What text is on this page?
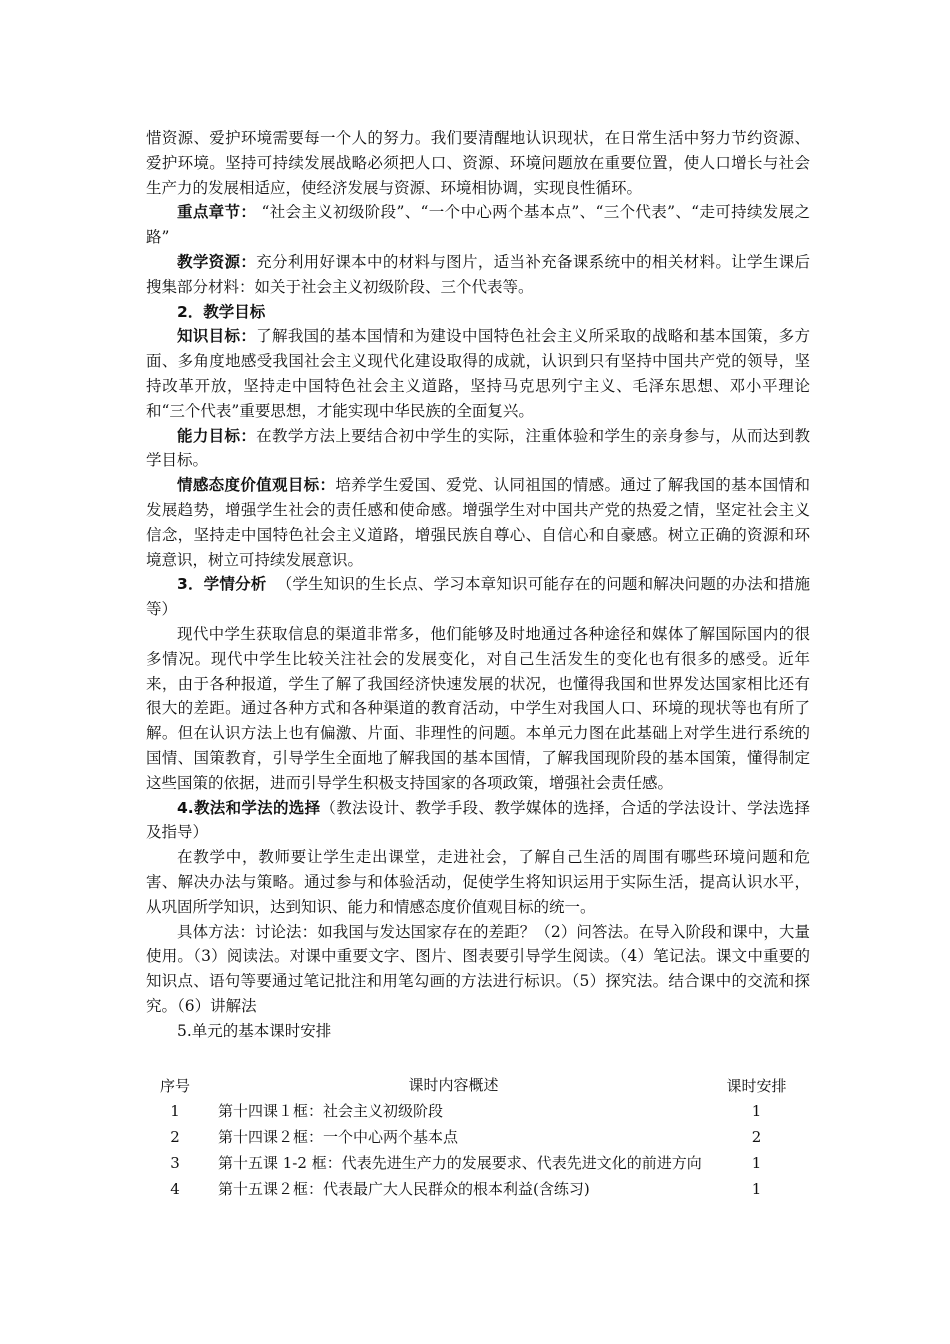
惜资源、爱护环境需要每一个人的努力。我们要清醒地认识现状，在日常生活中努力节约资源、爱护环境。坚持可持续发展战略必须把人口、资源、环境问题放在重要位置，使人口增长与社会生产力的发展相适应，使经济发展与资源、环境相协调，实现良性循环。

重点章节： “社会主义初级阶段”、“一个中心两个基本点”、“三个代表”、“走可持续发展之路”

教学资源：充分利用好课本中的材料与图片，适当补充备课系统中的相关材料。让学生课后搜集部分材料：如关于社会主义初级阶段、三个代表等。

2．教学目标

知识目标：了解我国的基本国情和为建设中国特色社会主义所采取的战略和基本国策，多方面、多角度地感受我国社会主义现代化建设取得的成就，认识到只有坚持中国共产党的领导，坚持改革开放，坚持走中国特色社会主义道路，坚持马克思列宁主义、毛泽东思想、邓小平理论和“三个代表”重要思想，才能实现中华民族的全面复兴。

能力目标：在教学方法上要结合初中学生的实际，注重体验和学生的亲身参与，从而达到教学目标。

情感态度价值观目标：培养学生爱国、爱党、认同祖国的情感。通过了解我国的基本国情和发展趋势，增强学生社会的责任感和使命感。增强学生对中国共产党的热爱之情，坚定社会主义信念，坚持走中国特色社会主义道路，增强民族自尊心、自信心和自豪感。树立正确的资源和环境意识，树立可持续发展意识。

3．学情分析 （学生知识的生长点、学习本章知识可能存在的问题和解决问题的办法和措施等）

现代中学生获取信息的渠道非常多，他们能够及时地通过各种途径和媒体了解国际国内的很多情况。现代中学生比较关注社会的发展变化，对自己生活发生的变化也有很多的感受。近年来，由于各种报道，学生了解了我国经济快速发展的状况，也懂得我国和世界发达国家相比还有很大的差距。通过各种方式和各种渠道的教育活动，中学生对我国人口、环境的现状等也有所了解。但在认识方法上也有偏激、片面、非理性的问题。本单元力图在此基础上对学生进行系统的国情、国策教育，引导学生全面地了解我国的基本国情，了解我国现阶段的基本国策，懂得制定这些国策的依据，进而引导学生积极支持国家的各项政策，增强社会责任感。

4.教法和学法的选择（教法设计、教学手段、教学媒体的选择，合适的学法设计、学法选择及指导）

在教学中，教师要让学生走出课堂，走进社会，了解自己生活的周围有哪些环境问题和危害、解决办法与策略。通过参与和体验活动，促使学生将知识运用于实际生活，提高认识水平，从巩固所学知识，达到知识、能力和情感态度价值观目标的统一。

具体方法：讨论法：如我国与发达国家存在的差距？（2）问答法。在导入阶段和课中，大量使用。（3）阅读法。对课中重要文字、图片、图表要引导学生阅读。（4）笔记法。课文中重要的知识点、语句等要通过笔记批注和用笔勾画的方法进行标识。（5）探究法。结合课中的交流和探究。（6）讲解法

5.单元的基本课时安排

序号	课时内容概述	课时安排
1	第十四课１框：社会主义初级阶段	1
2	第十四课２框：一个中心两个基本点	2
3	第十五课 1-2 框：代表先进生产力的发展要求、代表先进文化的前进方向	1
4	第十五课２框：代表最广大人民群众的根本利益(含练习)	1
